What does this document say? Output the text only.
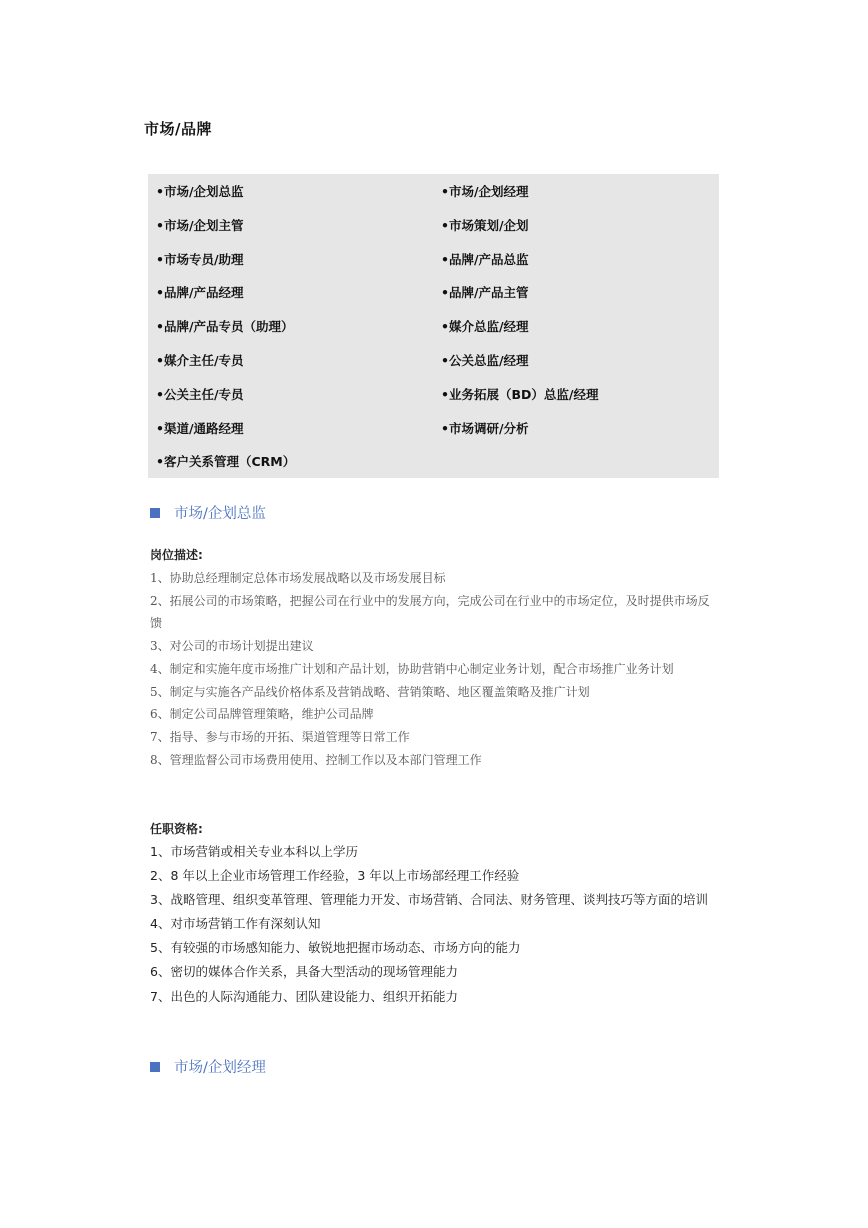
市场/品牌
•市场/企划总监	•市场/企划经理
•市场/企划主管	•市场策划/企划
•市场专员/助理	•品牌/产品总监
•品牌/产品经理	•品牌/产品主管
•品牌/产品专员（助理）	•媒介总监/经理
•媒介主任/专员	•公关总监/经理
•公关主任/专员	•业务拓展（BD）总监/经理
•渠道/通路经理	•市场调研/分析
•客户关系管理（CRM）
市场/企划总监
岗位描述:
1、协助总经理制定总体市场发展战略以及市场发展目标
2、拓展公司的市场策略，把握公司在行业中的发展方向，完成公司在行业中的市场定位，及时提供市场反馈
3、对公司的市场计划提出建议
4、制定和实施年度市场推广计划和产品计划，协助营销中心制定业务计划，配合市场推广业务计划
5、制定与实施各产品线价格体系及营销战略、营销策略、地区覆盖策略及推广计划
6、制定公司品牌管理策略，维护公司品牌
7、指导、参与市场的开拓、渠道管理等日常工作
8、管理监督公司市场费用使用、控制工作以及本部门管理工作
任职资格:
1、市场营销或相关专业本科以上学历
2、8 年以上企业市场管理工作经验，3 年以上市场部经理工作经验
3、战略管理、组织变革管理、管理能力开发、市场营销、合同法、财务管理、谈判技巧等方面的培训
4、对市场营销工作有深刻认知
5、有较强的市场感知能力、敏锐地把握市场动态、市场方向的能力
6、密切的媒体合作关系，具备大型活动的现场管理能力
7、出色的人际沟通能力、团队建设能力、组织开拓能力
市场/企划经理
